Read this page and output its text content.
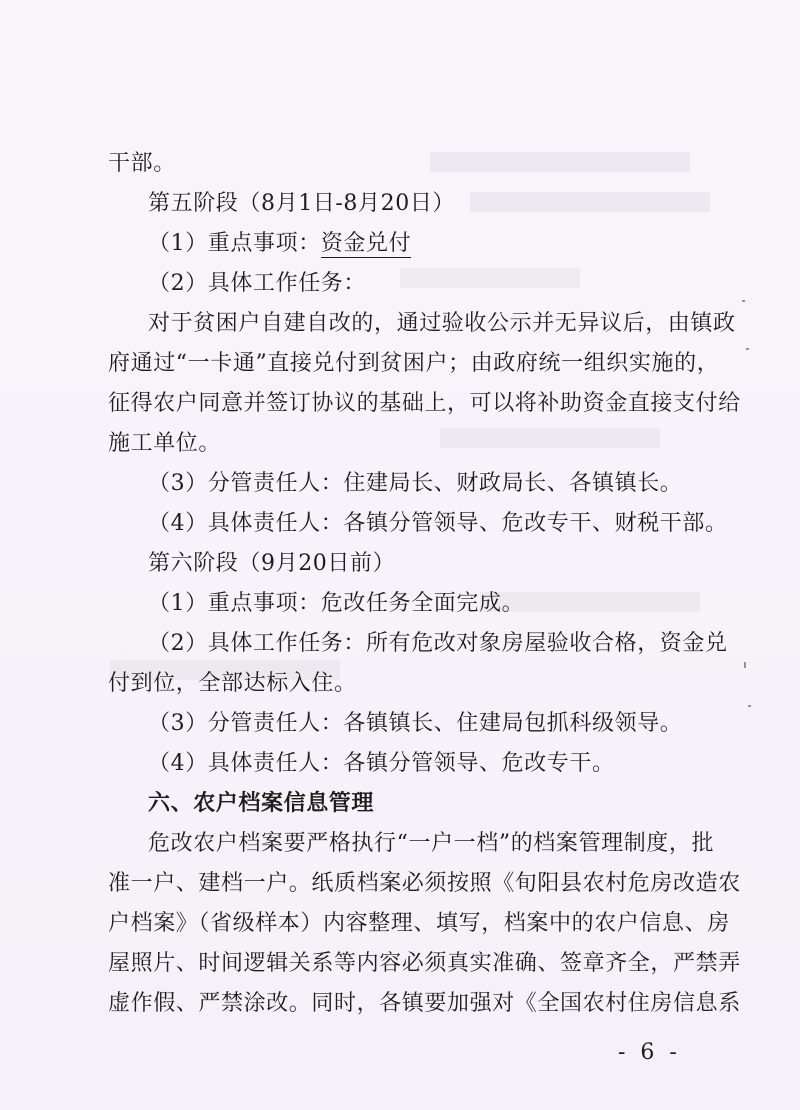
干部。
第五阶段（8月1日-8月20日）
（1）重点事项：资金兑付
（2）具体工作任务：
对于贫困户自建自改的，通过验收公示并无异议后，由镇政
府通过“一卡通”直接兑付到贫困户；由政府统一组织实施的，
征得农户同意并签订协议的基础上，可以将补助资金直接支付给
施工单位。
（3）分管责任人：住建局长、财政局长、各镇镇长。
（4）具体责任人：各镇分管领导、危改专干、财税干部。
第六阶段（9月20日前）
（1）重点事项：危改任务全面完成。
（2）具体工作任务：所有危改对象房屋验收合格，资金兑
付到位，全部达标入住。
（3）分管责任人：各镇镇长、住建局包抓科级领导。
（4）具体责任人：各镇分管领导、危改专干。
六、农户档案信息管理
危改农户档案要严格执行“一户一档”的档案管理制度，批
准一户、建档一户。纸质档案必须按照《旬阳县农村危房改造农
户档案》（省级样本）内容整理、填写，档案中的农户信息、房
屋照片、时间逻辑关系等内容必须真实准确、签章齐全，严禁弄
虚作假、严禁涂改。同时，各镇要加强对《全国农村住房信息系
- 6 -
